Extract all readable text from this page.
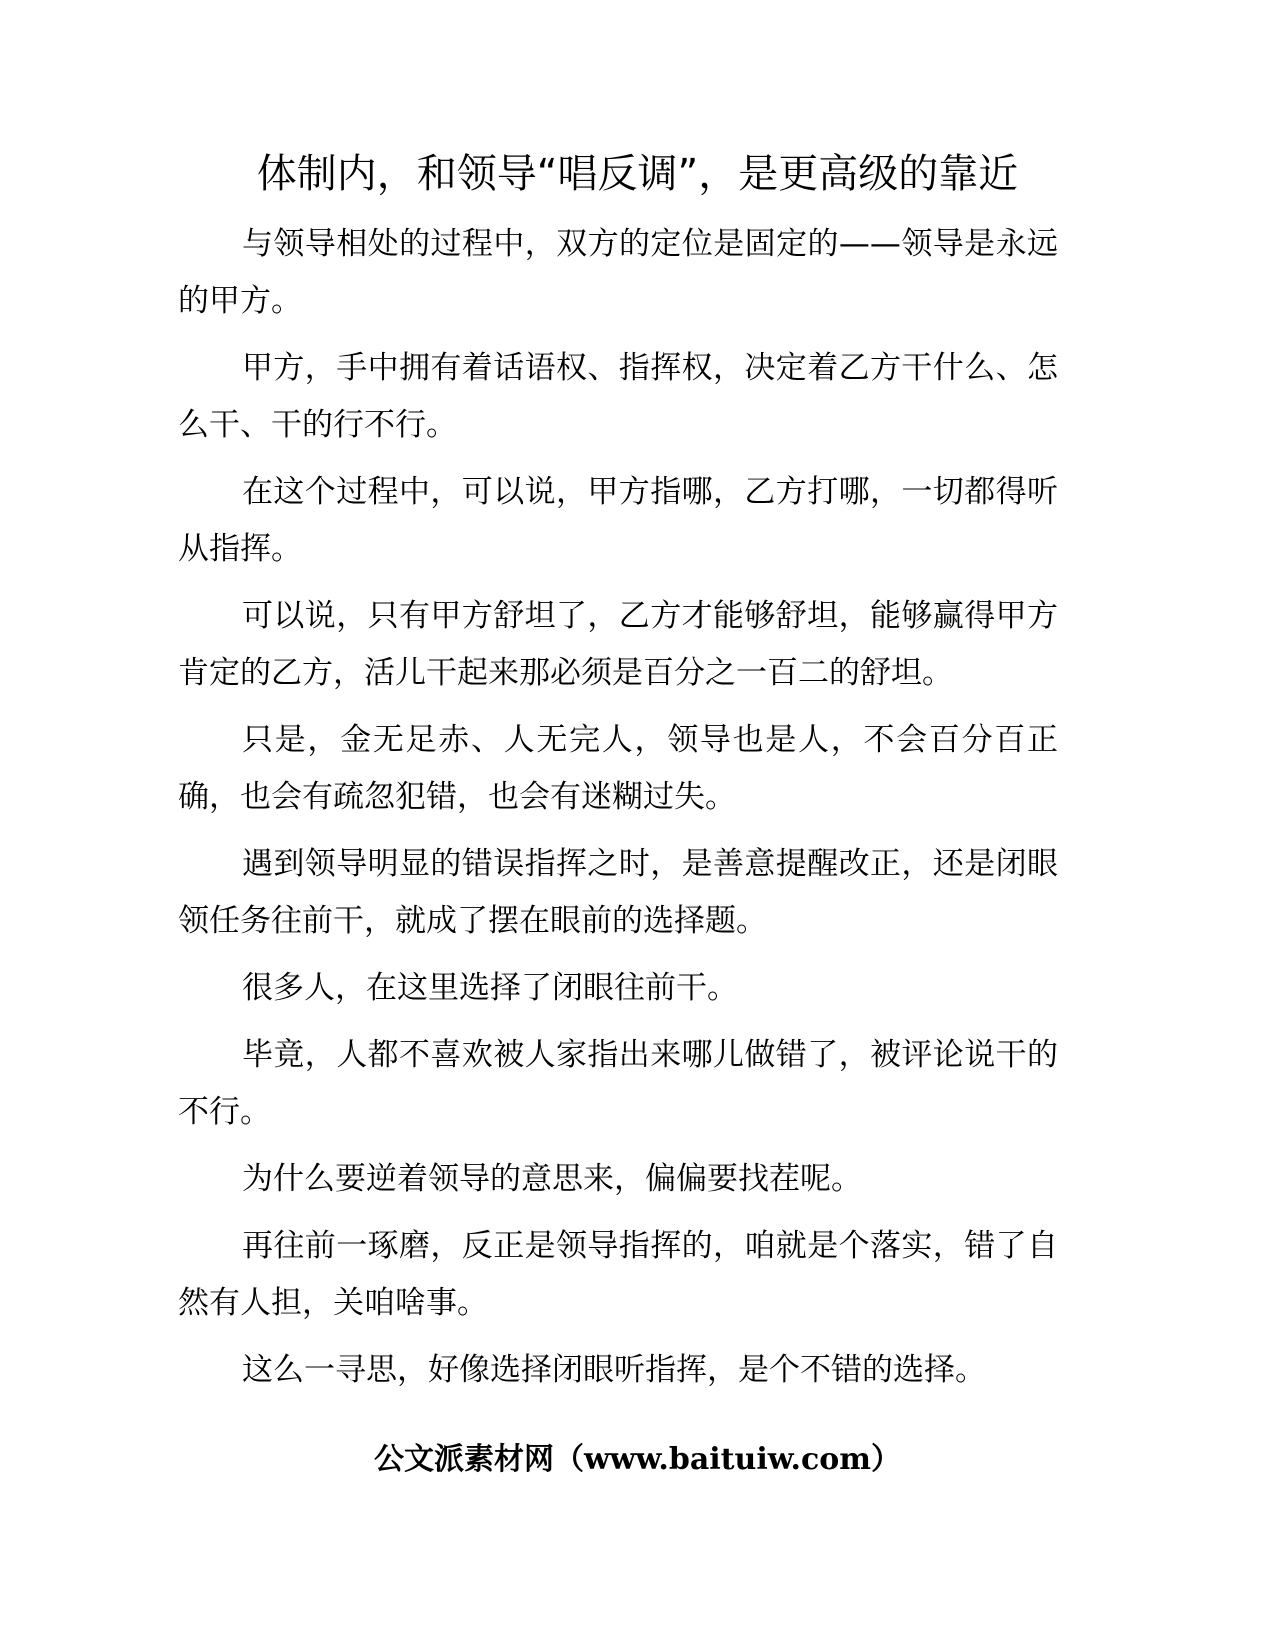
体制内，和领导“唱反调”，是更高级的靠近

与领导相处的过程中，双方的定位是固定的——领导是永远的甲方。

甲方，手中拥有着话语权、指挥权，决定着乙方干什么、怎么干、干的行不行。

在这个过程中，可以说，甲方指哪，乙方打哪，一切都得听从指挥。

可以说，只有甲方舒坦了，乙方才能够舒坦，能够赢得甲方肯定的乙方，活儿干起来那必须是百分之一百二的舒坦。

只是，金无足赤、人无完人，领导也是人，不会百分百正确，也会有疏忽犯错，也会有迷糊过失。

遇到领导明显的错误指挥之时，是善意提醒改正，还是闭眼领任务往前干，就成了摆在眼前的选择题。

很多人，在这里选择了闭眼往前干。

毕竟，人都不喜欢被人家指出来哪儿做错了，被评论说干的不行。

为什么要逆着领导的意思来，偏偏要找茬呢。

再往前一琢磨，反正是领导指挥的，咱就是个落实，错了自然有人担，关咱啥事。

这么一寻思，好像选择闭眼听指挥，是个不错的选择。

公文派素材网（www.baituiw.com）
